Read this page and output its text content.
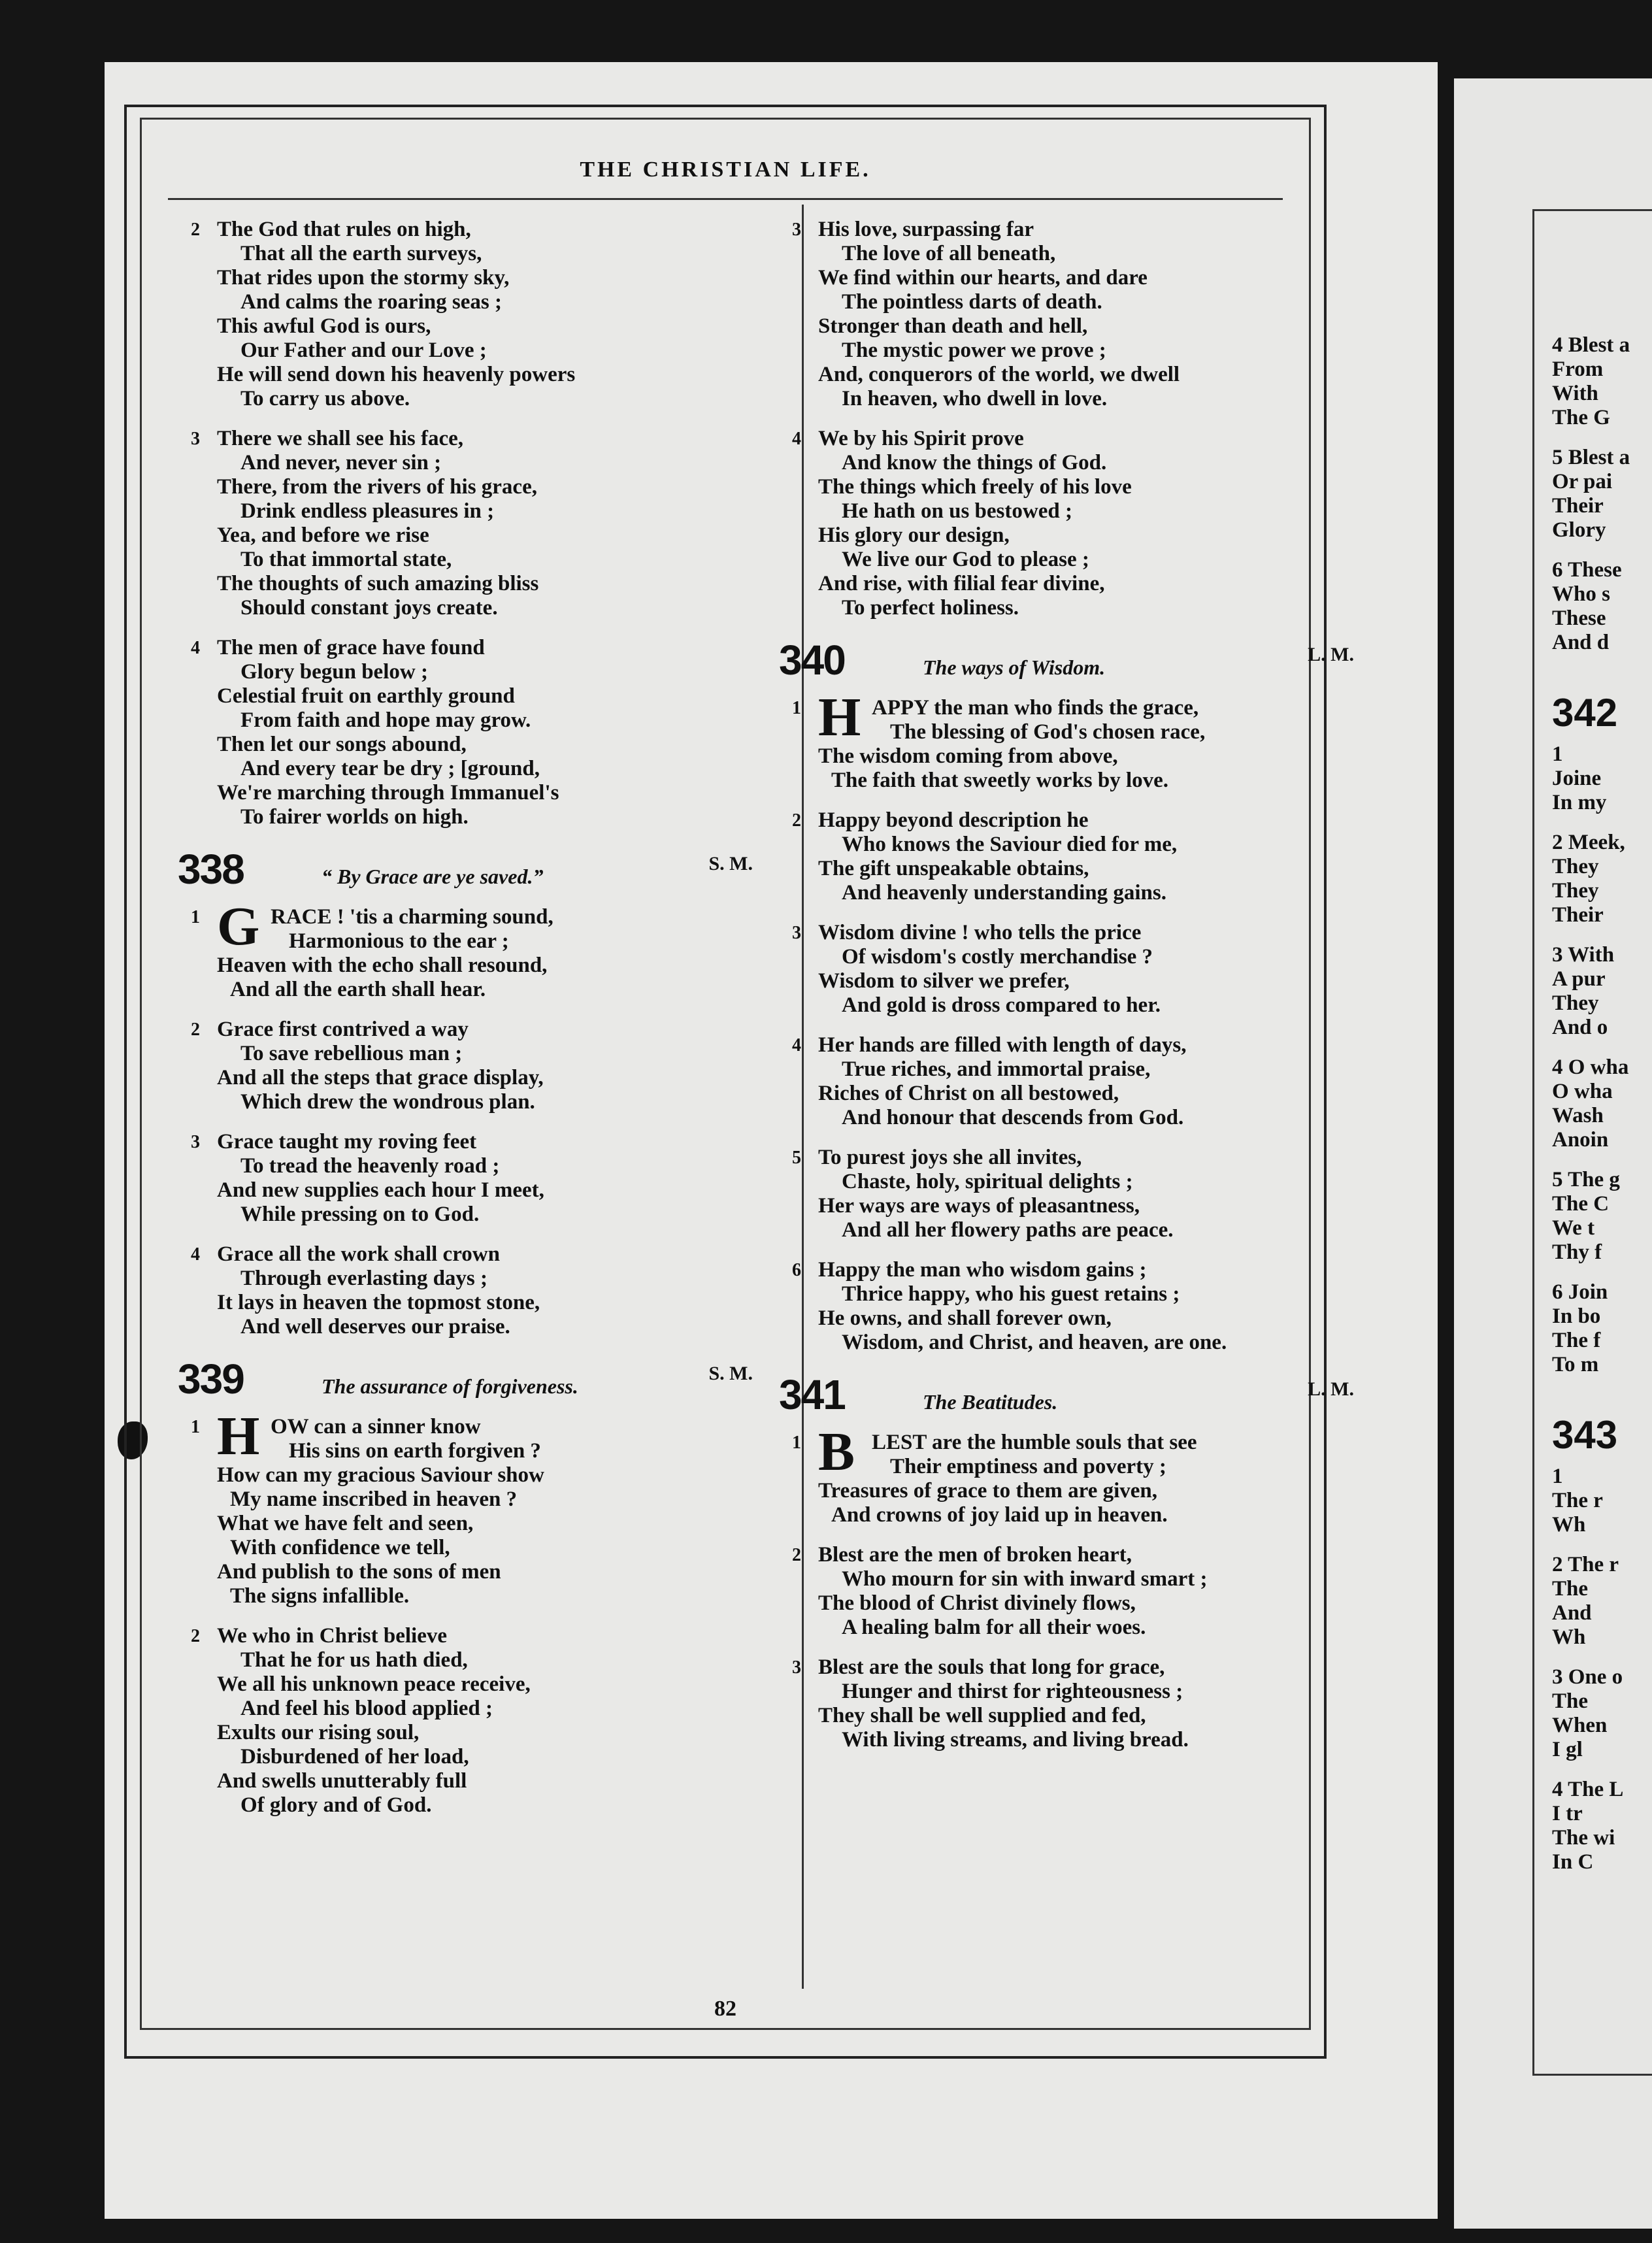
THE CHRISTIAN LIFE.
2 The God that rules on high,
That all the earth surveys,
That rides upon the stormy sky,
And calms the roaring seas ;
This awful God is ours,
Our Father and our Love ;
He will send down his heavenly powers
To carry us above.
3 There we shall see his face,
And never, never sin ;
There, from the rivers of his grace,
Drink endless pleasures in ;
Yea, and before we rise
To that immortal state,
The thoughts of such amazing bliss
Should constant joys create.
4 The men of grace have found
Glory begun below ;
Celestial fruit on earthly ground
From faith and hope may grow.
Then let our songs abound,
And every tear be dry ; [ground,
We're marching through Immanuel's
To fairer worlds on high.
338	“ By Grace are ye saved.”
S. M.
1 G RACE ! 'tis a charming sound,
Harmonious to the ear ;
Heaven with the echo shall resound,
And all the earth shall hear.
2 Grace first contrived a way
To save rebellious man ;
And all the steps that grace display,
Which drew the wondrous plan.
3 Grace taught my roving feet
To tread the heavenly road ;
And new supplies each hour I meet,
While pressing on to God.
4 Grace all the work shall crown
Through everlasting days ;
It lays in heaven the topmost stone,
And well deserves our praise.
339	The assurance of forgiveness.
S. M.
1 H OW can a sinner know
His sins on earth forgiven ?
How can my gracious Saviour show
My name inscribed in heaven ?
What we have felt and seen,
With confidence we tell,
And publish to the sons of men
The signs infallible.
2 We who in Christ believe
That he for us hath died,
We all his unknown peace receive,
And feel his blood applied ;
Exults our rising soul,
Disburdened of her load,
And swells unutterably full
Of glory and of God.
3 His love, surpassing far
The love of all beneath,
We find within our hearts, and dare
The pointless darts of death.
Stronger than death and hell,
The mystic power we prove ;
And, conquerors of the world, we dwell
In heaven, who dwell in love.
4 We by his Spirit prove
And know the things of God.
The things which freely of his love
He hath on us bestowed ;
His glory our design,
We live our God to please ;
And rise, with filial fear divine,
To perfect holiness.
340	The ways of Wisdom.
L. M.
1 H APPY the man who finds the grace,
The blessing of God's chosen race,
The wisdom coming from above,
The faith that sweetly works by love.
2 Happy beyond description he
Who knows the Saviour died for me,
The gift unspeakable obtains,
And heavenly understanding gains.
3 Wisdom divine ! who tells the price
Of wisdom's costly merchandise ?
Wisdom to silver we prefer,
And gold is dross compared to her.
4 Her hands are filled with length of days,
True riches, and immortal praise,
Riches of Christ on all bestowed,
And honour that descends from God.
5 To purest joys she all invites,
Chaste, holy, spiritual delights ;
Her ways are ways of pleasantness,
And all her flowery paths are peace.
6 Happy the man who wisdom gains ;
Thrice happy, who his guest retains ;
He owns, and shall forever own,
Wisdom, and Christ, and heaven, are one.
341	The Beatitudes.
L. M.
1 B LEST are the humble souls that see
Their emptiness and poverty ;
Treasures of grace to them are given,
And crowns of joy laid up in heaven.
2 Blest are the men of broken heart,
Who mourn for sin with inward smart ;
The blood of Christ divinely flows,
A healing balm for all their woes.
3 Blest are the souls that long for grace,
Hunger and thirst for righteousness ;
They shall be well supplied and fed,
With living streams, and living bread.
82
4 Blest a
From
With
The G
5 Blest a
Or pai
Their
Glory
6 These
Who s
These
And d
342
1
Joine
In my
2 Meek,
They
They
Their
3 With
A pur
They
And o
4 O wha
O wha
Wash
Anoin
5 The g
The C
We t
Thy f
6 Join
In bo
The f
To m
343
1
The r
Wh
2 The r
The
And
Wh
3 One o
The
When
I gl
4 The L
I tr
The wi
In C
